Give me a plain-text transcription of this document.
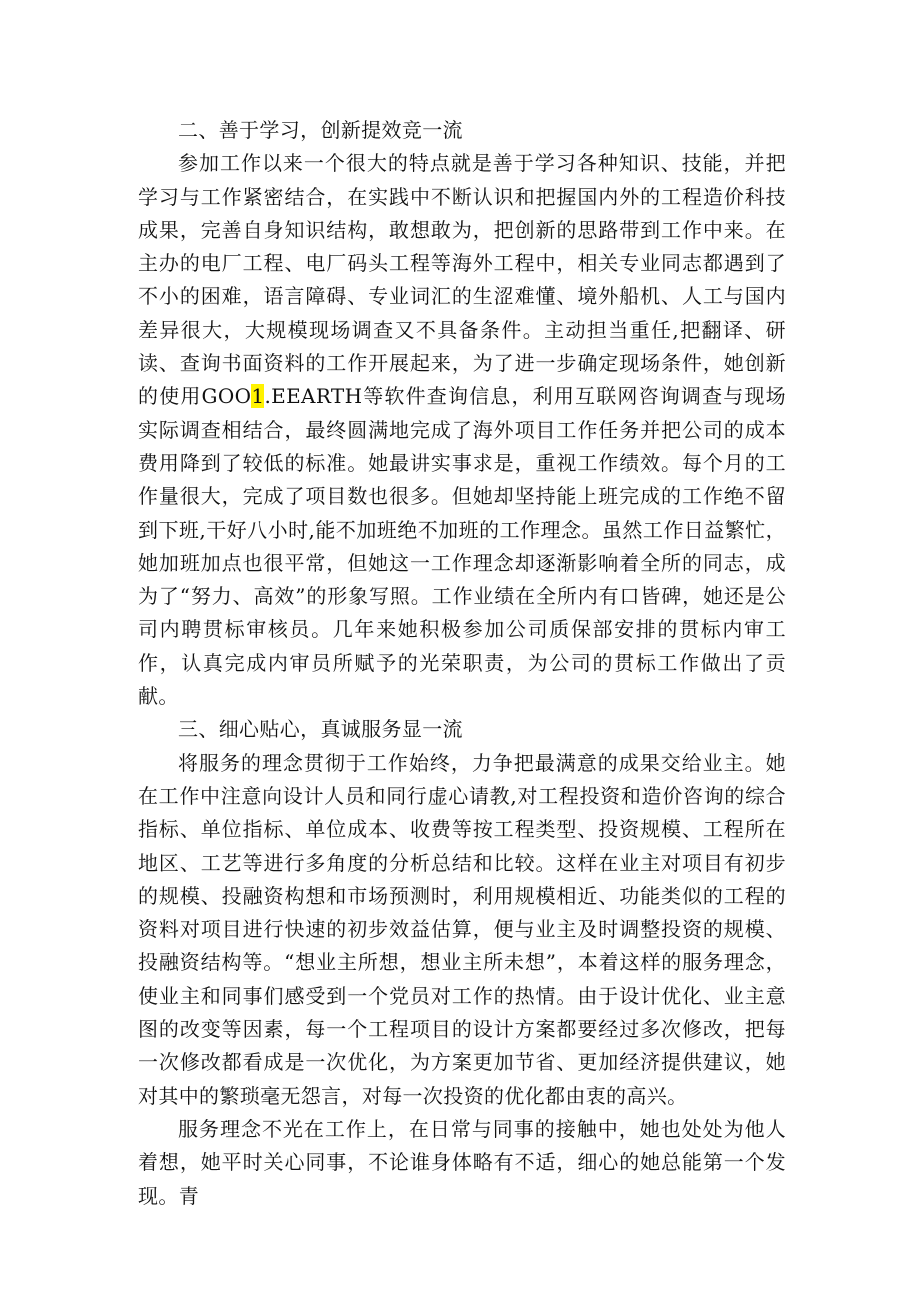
二、善于学习，创新提效竞一流

参加工作以来一个很大的特点就是善于学习各种知识、技能，并把学习与工作紧密结合，在实践中不断认识和把握国内外的工程造价科技成果，完善自身知识结构，敢想敢为，把创新的思路带到工作中来。在主办的电厂工程、电厂码头工程等海外工程中，相关专业同志都遇到了不小的困难，语言障碍、专业词汇的生涩难懂、境外船机、人工与国内差异很大，大规模现场调查又不具备条件。主动担当重任,把翻译、研读、查询书面资料的工作开展起来，为了进一步确定现场条件，她创新的使用GOO1.EEARTH等软件查询信息，利用互联网咨询调查与现场实际调查相结合，最终圆满地完成了海外项目工作任务并把公司的成本费用降到了较低的标准。她最讲实事求是，重视工作绩效。每个月的工作量很大，完成了项目数也很多。但她却坚持能上班完成的工作绝不留到下班,干好八小时,能不加班绝不加班的工作理念。虽然工作日益繁忙，她加班加点也很平常，但她这一工作理念却逐渐影响着全所的同志，成为了“努力、高效”的形象写照。工作业绩在全所内有口皆碑，她还是公司内聘贯标审核员。几年来她积极参加公司质保部安排的贯标内审工作，认真完成内审员所赋予的光荣职责，为公司的贯标工作做出了贡献。

三、细心贴心，真诚服务显一流

将服务的理念贯彻于工作始终，力争把最满意的成果交给业主。她在工作中注意向设计人员和同行虚心请教,对工程投资和造价咨询的综合指标、单位指标、单位成本、收费等按工程类型、投资规模、工程所在地区、工艺等进行多角度的分析总结和比较。这样在业主对项目有初步的规模、投融资构想和市场预测时，利用规模相近、功能类似的工程的资料对项目进行快速的初步效益估算，便与业主及时调整投资的规模、投融资结构等。“想业主所想，想业主所未想”，本着这样的服务理念，使业主和同事们感受到一个党员对工作的热情。由于设计优化、业主意图的改变等因素，每一个工程项目的设计方案都要经过多次修改，把每一次修改都看成是一次优化，为方案更加节省、更加经济提供建议，她对其中的繁琐毫无怨言，对每一次投资的优化都由衷的高兴。

服务理念不光在工作上，在日常与同事的接触中，她也处处为他人着想，她平时关心同事，不论谁身体略有不适，细心的她总能第一个发现。青
